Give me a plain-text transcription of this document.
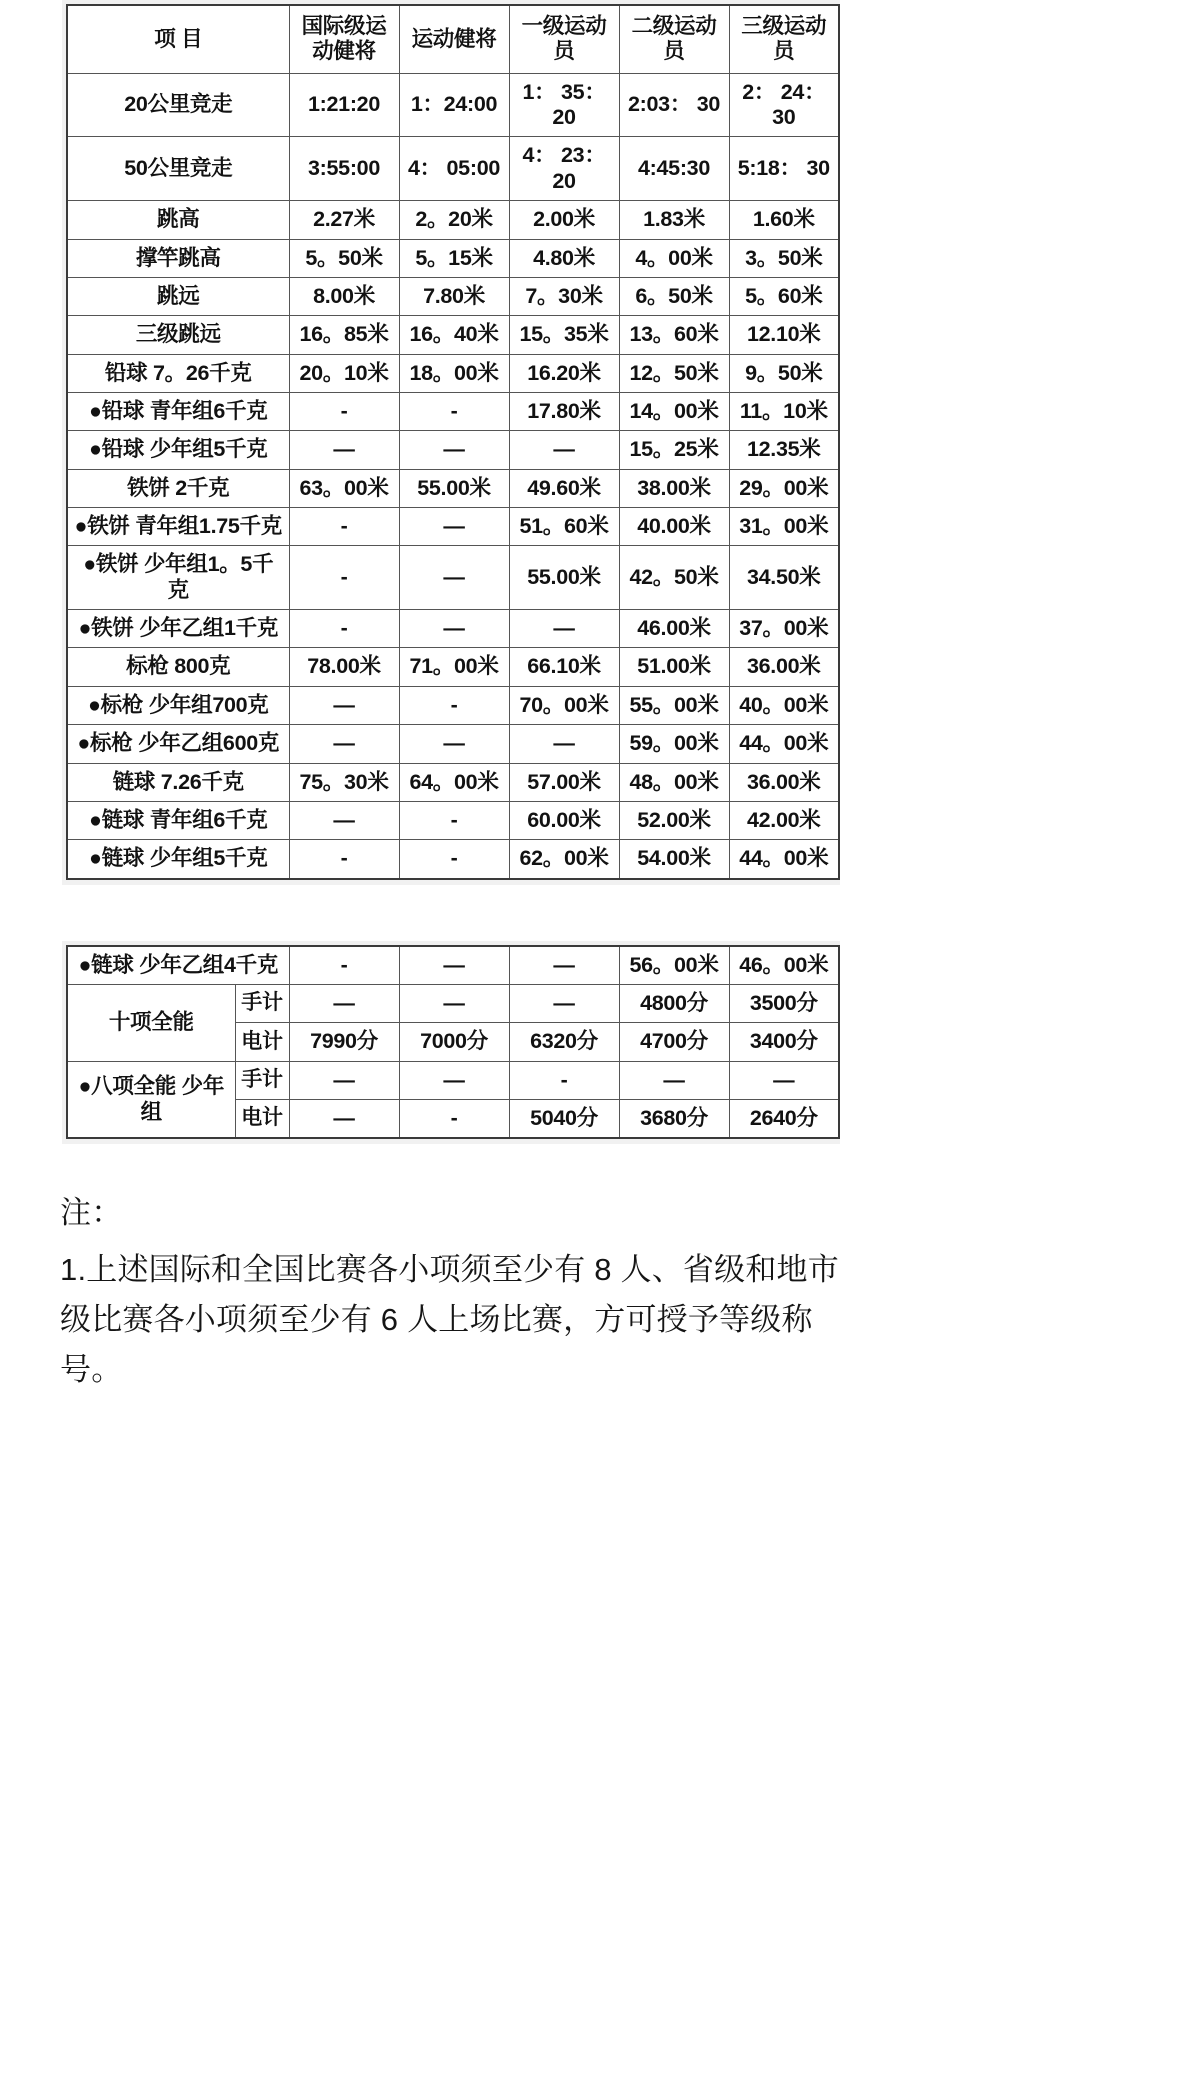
项 目	国际级运动健将	运动健将	一级运动员	二级运动员	三级运动员
20公里竞走	1:21:20	1：24:00	1： 35： 20	2:03： 30	2： 24： 30
50公里竞走	3:55:00	4： 05:00	4： 23： 20	4:45:30	5:18： 30
跳高	2.27米	2。20米	2.00米	1.83米	1.60米
撑竿跳高	5。50米	5。15米	4.80米	4。00米	3。50米
跳远	8.00米	7.80米	7。30米	6。50米	5。60米
三级跳远	16。85米	16。40米	15。35米	13。60米	12.10米
铅球 7。26千克	20。10米	18。00米	16.20米	12。50米	9。50米
●铅球 青年组6千克	-	-	17.80米	14。00米	11。10米
●铅球 少年组5千克	—	—	—	15。25米	12.35米
铁饼 2千克	63。00米	55.00米	49.60米	38.00米	29。00米
●铁饼 青年组1.75千克	-	—	51。60米	40.00米	31。00米
●铁饼 少年组1。5千克	-	—	55.00米	42。50米	34.50米
●铁饼 少年乙组1千克	-	—	—	46.00米	37。00米
标枪 800克	78.00米	71。00米	66.10米	51.00米	36.00米
●标枪 少年组700克	—	-	70。00米	55。00米	40。00米
●标枪 少年乙组600克	—	—	—	59。00米	44。00米
链球 7.26千克	75。30米	64。00米	57.00米	48。00米	36.00米
●链球 青年组6千克	—	-	60.00米	52.00米	42.00米
●链球 少年组5千克	-	-	62。00米	54.00米	44。00米
●链球 少年乙组4千克		-	—	—	56。00米	46。00米
十项全能	手计	—	—	—	4800分	3500分
	电计	7990分	7000分	6320分	4700分	3400分
●八项全能 少年组	手计	—	—	-	—	—
	电计	—	-	5040分	3680分	2640分
注：
1.上述国际和全国比赛各小项须至少有 8 人、省级和地市
级比赛各小项须至少有 6 人上场比赛，方可授予等级称
号。
